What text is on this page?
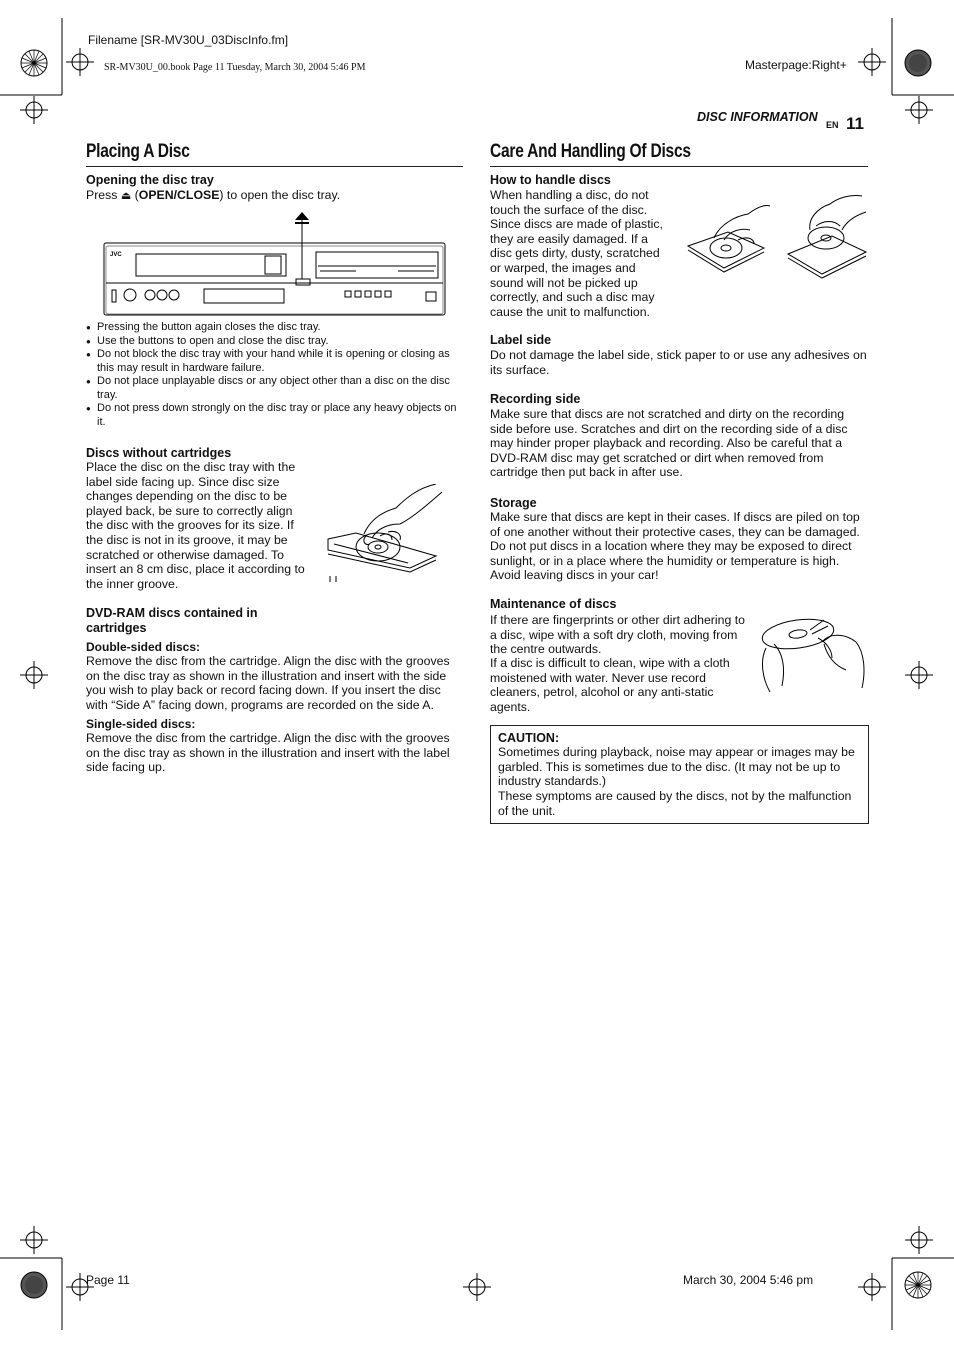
Filename [SR-MV30U_03DiscInfo.fm]
SR-MV30U_00.book Page 11 Tuesday, March 30, 2004 5:46 PM	Masterpage:Right+
DISC INFORMATION
EN 11
Placing A Disc
Opening the disc tray
Press ⏏ (OPEN/CLOSE) to open the disc tray.
JVC
● Pressing the button again closes the disc tray.
● Use the buttons to open and close the disc tray.
● Do not block the disc tray with your hand while it is opening or closing as this may result in hardware failure.
● Do not place unplayable discs or any object other than a disc on the disc tray.
● Do not press down strongly on the disc tray or place any heavy objects on it.
Discs without cartridges
Place the disc on the disc tray with the label side facing up. Since disc size changes depending on the disc to be played back, be sure to correctly align the disc with the grooves for its size. If the disc is not in its groove, it may be scratched or otherwise damaged. To insert an 8 cm disc, place it according to the inner groove.
DVD-RAM discs contained in cartridges
Double-sided discs:
Remove the disc from the cartridge. Align the disc with the grooves on the disc tray as shown in the illustration and insert with the side you wish to play back or record facing down. If you insert the disc with “Side A” facing down, programs are recorded on the side A.
Single-sided discs:
Remove the disc from the cartridge. Align the disc with the grooves on the disc tray as shown in the illustration and insert with the label side facing up.
Care And Handling Of Discs
How to handle discs
When handling a disc, do not touch the surface of the disc. Since discs are made of plastic, they are easily damaged. If a disc gets dirty, dusty, scratched or warped, the images and sound will not be picked up correctly, and such a disc may cause the unit to malfunction.
Label side
Do not damage the label side, stick paper to or use any adhesives on its surface.
Recording side
Make sure that discs are not scratched and dirty on the recording side before use. Scratches and dirt on the recording side of a disc may hinder proper playback and recording. Also be careful that a DVD-RAM disc may get scratched or dirt when removed from cartridge then put back in after use.
Storage
Make sure that discs are kept in their cases. If discs are piled on top of one another without their protective cases, they can be damaged. Do not put discs in a location where they may be exposed to direct sunlight, or in a place where the humidity or temperature is high. Avoid leaving discs in your car!
Maintenance of discs
If there are fingerprints or other dirt adhering to a disc, wipe with a soft dry cloth, moving from the centre outwards.
If a disc is difficult to clean, wipe with a cloth moistened with water. Never use record cleaners, petrol, alcohol or any anti-static agents.
CAUTION:
Sometimes during playback, noise may appear or images may be garbled. This is sometimes due to the disc. (It may not be up to industry standards.)
These symptoms are caused by the discs, not by the malfunction of the unit.
Page 11	March 30, 2004 5:46 pm
